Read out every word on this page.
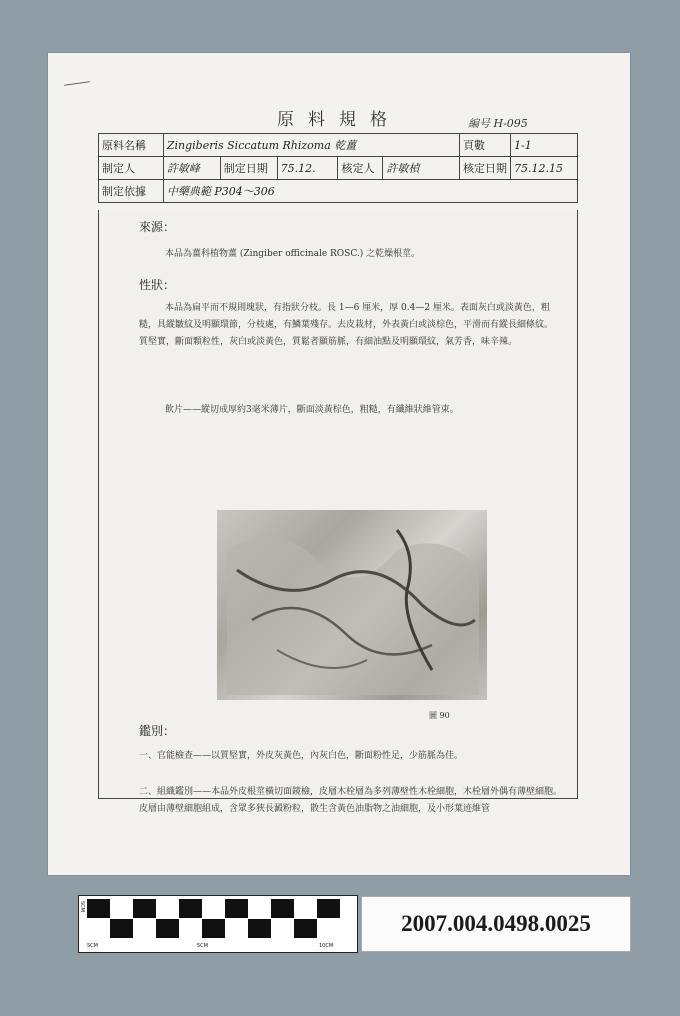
原料規格	編号 H-095
原料名稱	Zingiberis Siccatum Rhizoma 乾薑					頁數	1-1
制定人	許敏峰	制定日期	75.12.	核定人	許敏楨	核定日期	75.12.15
制定依據	中藥典範 P304～306						
來源：
本品為薑科植物薑 (Zingiber officinale ROSC.) 之乾燥根莖。
性狀：
本品為扁平而不規則塊狀，有指狀分枝。長 1—6 厘米，厚 0.4—2 厘米。表面灰白或淡黃色，粗糙，具縱皺紋及明顯環節，分枝處，有鱗葉殘存。去皮栽材，外表黃白或淡棕色，平滑而有縱長細條紋。質堅實，斷面顆粒性，灰白或淡黃色，質鬆者顯筋脈，有細油點及明顯環紋，氣芳香，味辛辣。
飲片——縱切成厚約3毫米薄片，斷面淡黃棕色，粗糙，有纖維狀維管束。
圖 90
鑑別：
一、官能檢查——以質堅實，外皮灰黃色，內灰白色，斷面粉性足，少筋脈為佳。
二、組織鑑別——本品外皮根莖橫切面鏡檢，皮層木栓層為多列薄壁性木栓細胞，木栓層外偶有薄壁細胞。皮層由薄壁細胞組成，含眾多狹長澱粉粒，散生含黃色油脂物之油細胞，及小形葉迹維管
SCM
SCM	5CM	10CM
2007.004.0498.0025
